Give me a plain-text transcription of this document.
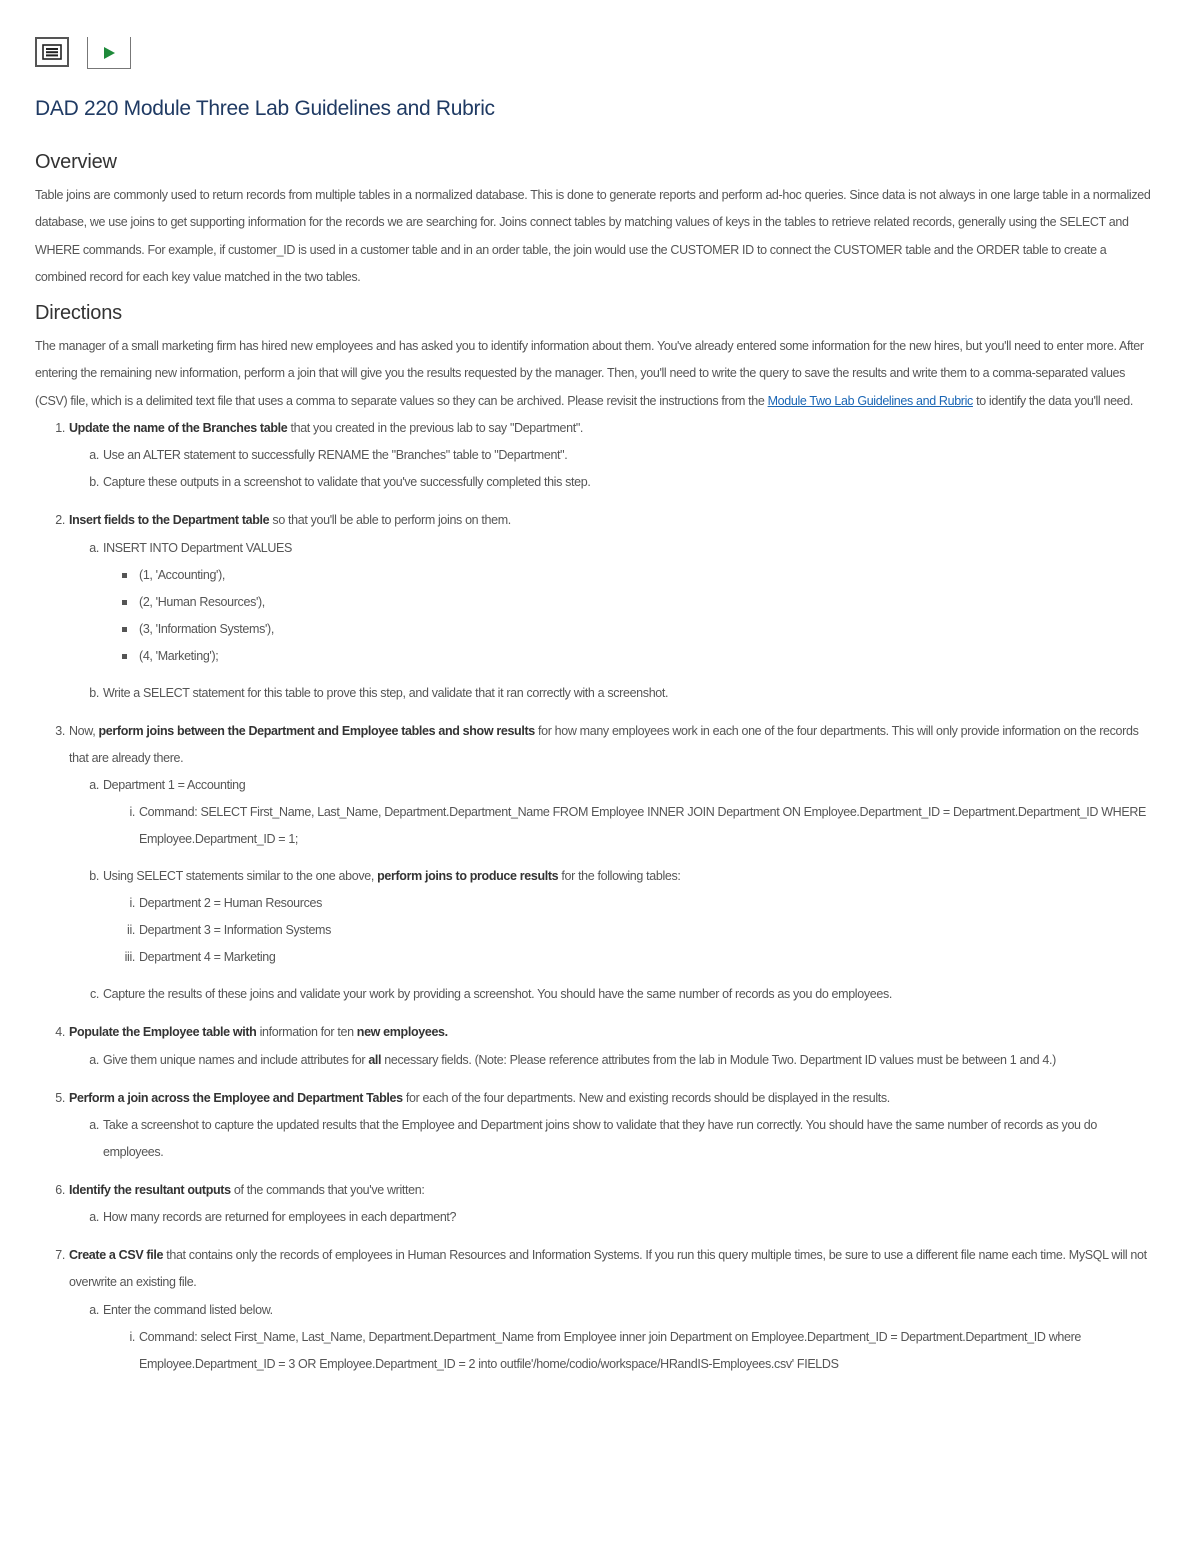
DAD 220 Module Three Lab Guidelines and Rubric
Overview

Table joins are commonly used to return records from multiple tables in a normalized database. This is done to generate reports and perform ad-hoc queries. Since data is not always in one large table in a normalized database, we use joins to get supporting information for the records we are searching for. Joins connect tables by matching values of keys in the tables to retrieve related records, generally using the SELECT and WHERE commands. For example, if customer_ID is used in a customer table and in an order table, the join would use the CUSTOMER ID to connect the CUSTOMER table and the ORDER table to create a combined record for each key value matched in the two tables.

Directions

The manager of a small marketing firm has hired new employees and has asked you to identify information about them. You've already entered some information for the new hires, but you'll need to enter more. After entering the remaining new information, perform a join that will give you the results requested by the manager. Then, you'll need to write the query to save the results and write them to a comma-separated values (CSV) file, which is a delimited text file that uses a comma to separate values so they can be archived. Please revisit the instructions from the Module Two Lab Guidelines and Rubric to identify the data you'll need.

1. Update the name of the Branches table that you created in the previous lab to say "Department".
a. Use an ALTER statement to successfully RENAME the "Branches" table to "Department".
b. Capture these outputs in a screenshot to validate that you've successfully completed this step.
2. Insert fields to the Department table so that you'll be able to perform joins on them.
a. INSERT INTO Department VALUES
(1, 'Accounting'),
(2, 'Human Resources'),
(3, 'Information Systems'),
(4, 'Marketing');
b. Write a SELECT statement for this table to prove this step, and validate that it ran correctly with a screenshot.
3. Now, perform joins between the Department and Employee tables and show results for how many employees work in each one of the four departments. This will only provide information on the records that are already there.
a. Department 1 = Accounting
i. Command: SELECT First_Name, Last_Name, Department.Department_Name FROM Employee INNER JOIN Department ON Employee.Department_ID = Department.Department_ID WHERE Employee.Department_ID = 1;
b. Using SELECT statements similar to the one above, perform joins to produce results for the following tables:
i. Department 2 = Human Resources
ii. Department 3 = Information Systems
iii. Department 4 = Marketing
c. Capture the results of these joins and validate your work by providing a screenshot. You should have the same number of records as you do employees.
4. Populate the Employee table with information for ten new employees.
a. Give them unique names and include attributes for all necessary fields. (Note: Please reference attributes from the lab in Module Two. Department ID values must be between 1 and 4.)
5. Perform a join across the Employee and Department Tables for each of the four departments. New and existing records should be displayed in the results.
a. Take a screenshot to capture the updated results that the Employee and Department joins show to validate that they have run correctly. You should have the same number of records as you do employees.
6. Identify the resultant outputs of the commands that you've written:
a. How many records are returned for employees in each department?
7. Create a CSV file that contains only the records of employees in Human Resources and Information Systems. If you run this query multiple times, be sure to use a different file name each time. MySQL will not overwrite an existing file.
a. Enter the command listed below.
i. Command: select First_Name, Last_Name, Department.Department_Name from Employee inner join Department on Employee.Department_ID = Department.Department_ID where Employee.Department_ID = 3 OR Employee.Department_ID = 2 into outfile'/home/codio/workspace/HRandIS-Employees.csv' FIELDS
